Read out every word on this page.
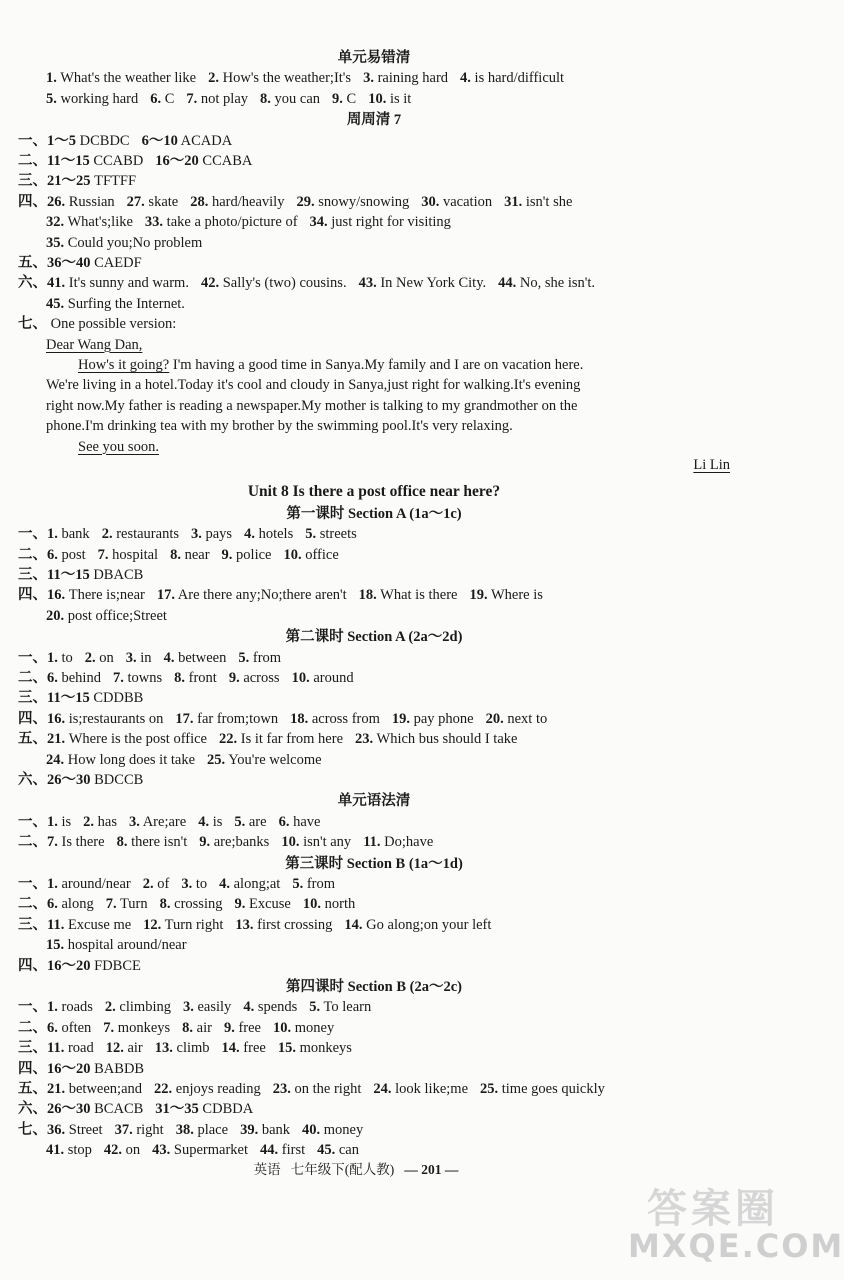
单元易错清
1. What's the weather like 2. How's the weather;It's 3. raining hard 4. is hard/difficult
5. working hard 6. C 7. not play 8. you can 9. C 10. is it
周周清 7
一、1～5 DCBDC 6～10 ACADA
二、11～15 CCABD 16～20 CCABA
三、21～25 TFTFF
四、26. Russian 27. skate 28. hard/heavily 29. snowy/snowing 30. vacation 31. isn't she
32. What's;like 33. take a photo/picture of 34. just right for visiting
35. Could you;No problem
五、36～40 CAEDF
六、41. It's sunny and warm. 42. Sally's (two) cousins. 43. In New York City. 44. No, she isn't.
45. Surfing the Internet.
七、 One possible version:
Dear Wang Dan,
How's it going? I'm having a good time in Sanya.My family and I are on vacation here.
We're living in a hotel.Today it's cool and cloudy in Sanya,just right for walking.It's evening
right now.My father is reading a newspaper.My mother is talking to my grandmother on the
phone.I'm drinking tea with my brother by the swimming pool.It's very relaxing.
See you soon.
Li Lin
Unit 8 Is there a post office near here?
第一课时 Section A (1a～1c)
一、1. bank 2. restaurants 3. pays 4. hotels 5. streets
二、6. post 7. hospital 8. near 9. police 10. office
三、11～15 DBACB
四、16. There is;near 17. Are there any;No;there aren't 18. What is there 19. Where is
20. post office;Street
第二课时 Section A (2a～2d)
一、1. to 2. on 3. in 4. between 5. from
二、6. behind 7. towns 8. front 9. across 10. around
三、11～15 CDDBB
四、16. is;restaurants on 17. far from;town 18. across from 19. pay phone 20. next to
五、21. Where is the post office 22. Is it far from here 23. Which bus should I take
24. How long does it take 25. You're welcome
六、26～30 BDCCB
单元语法清
一、1. is 2. has 3. Are;are 4. is 5. are 6. have
二、7. Is there 8. there isn't 9. are;banks 10. isn't any 11. Do;have
第三课时 Section B (1a～1d)
一、1. around/near 2. of 3. to 4. along;at 5. from
二、6. along 7. Turn 8. crossing 9. Excuse 10. north
三、11. Excuse me 12. Turn right 13. first crossing 14. Go along;on your left
15. hospital around/near
四、16～20 FDBCE
第四课时 Section B (2a～2c)
一、1. roads 2. climbing 3. easily 4. spends 5. To learn
二、6. often 7. monkeys 8. air 9. free 10. money
三、11. road 12. air 13. climb 14. free 15. monkeys
四、16～20 BABDB
五、21. between;and 22. enjoys reading 23. on the right 24. look like;me 25. time goes quickly
六、26～30 BCACB 31～35 CDBDA
七、36. Street 37. right 38. place 39. bank 40. money
41. stop 42. on 43. Supermarket 44. first 45. can
英语 七年级下(配人教) — 201 —
答案圈
MXQE.COM
